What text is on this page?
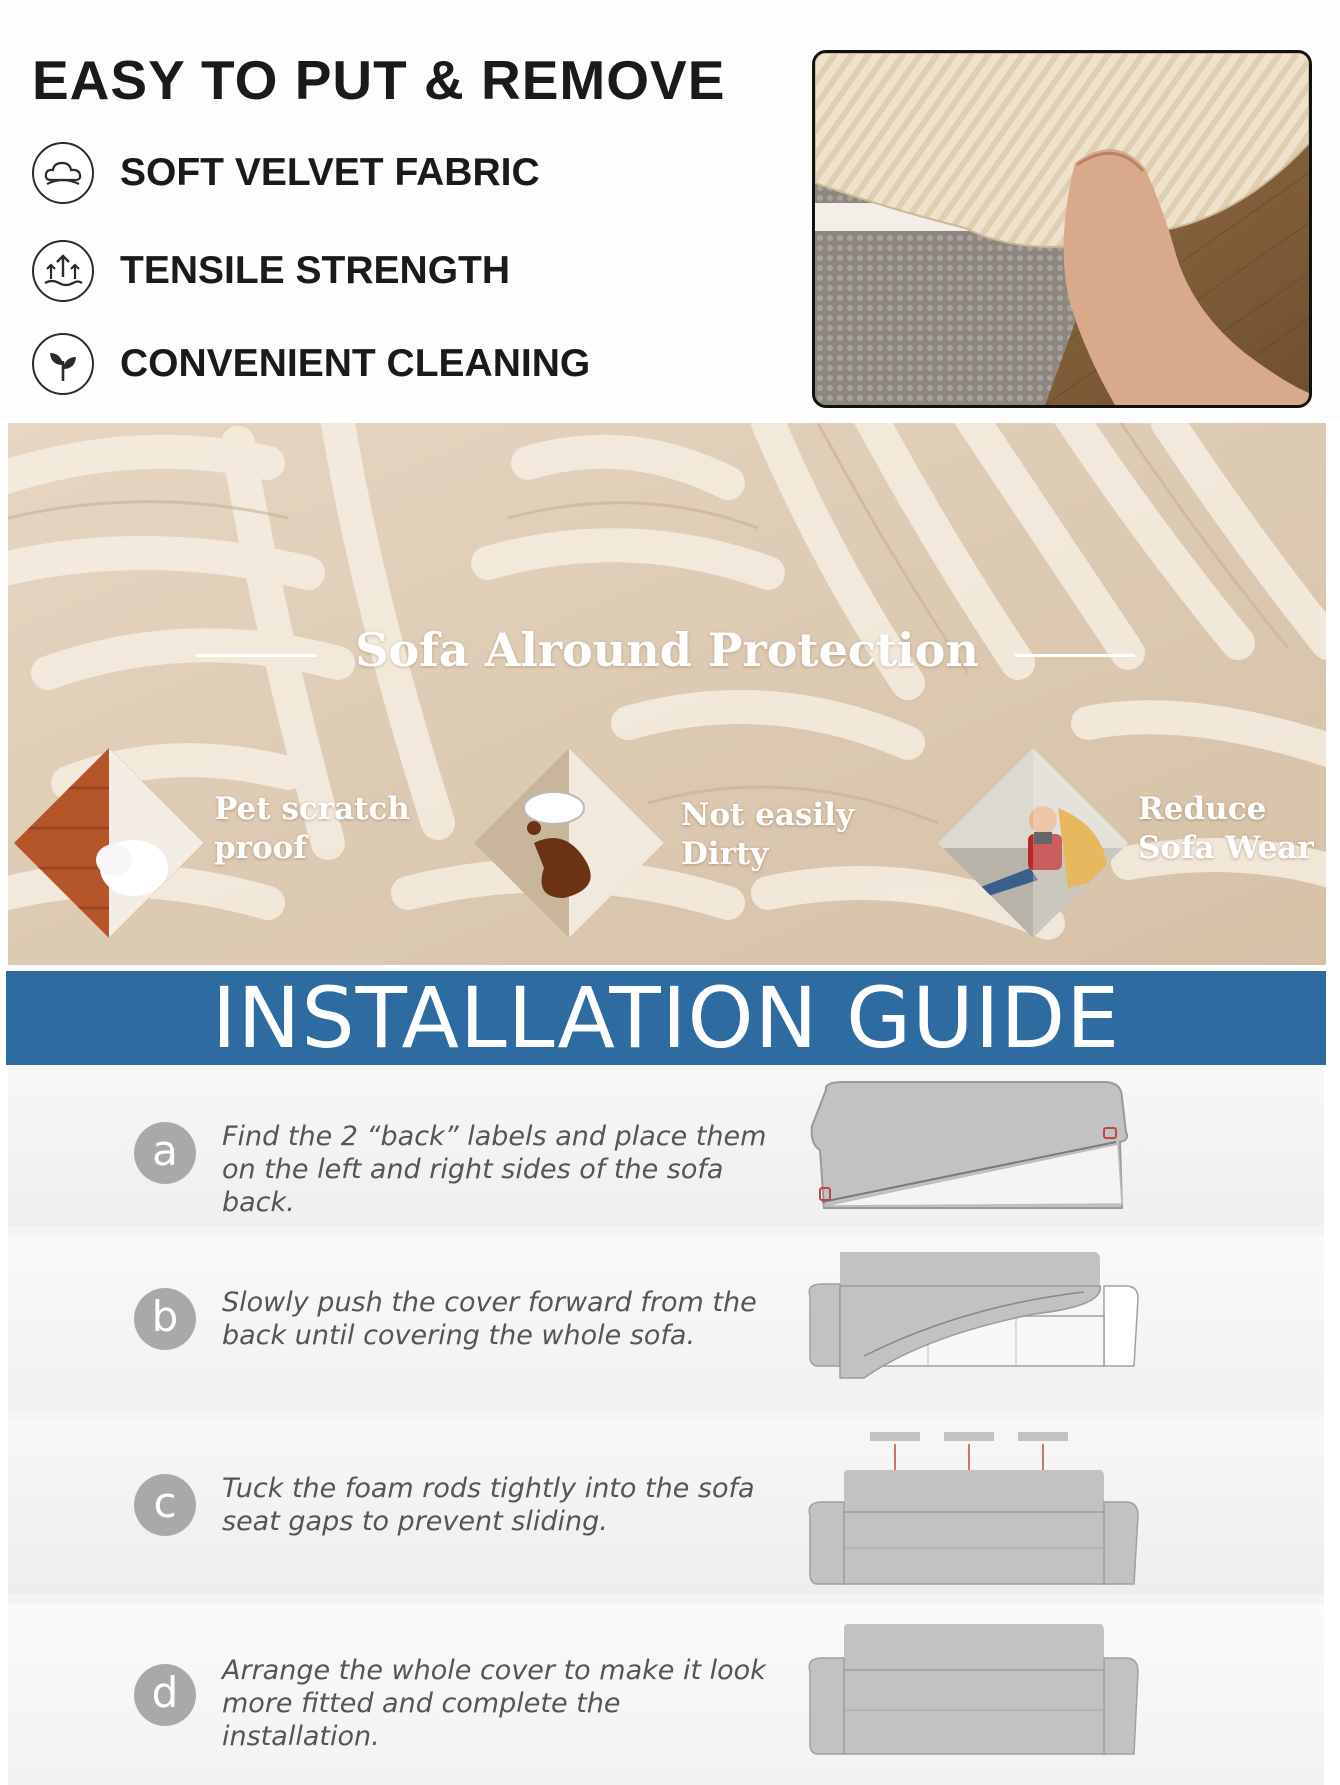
EASY TO PUT & REMOVE
SOFT VELVET FABRIC
TENSILE STRENGTH
CONVENIENT CLEANING
Sofa Alround Protection
Pet scratch proof
Not easily Dirty
Reduce Sofa Wear
INSTALLATION GUIDE
a	Find the 2 “back” labels and place them on the left and right sides of the sofa back.
b	Slowly push the cover forward from the back until covering the whole sofa.
c	Tuck the foam rods tightly into the sofa seat gaps to prevent sliding.
d	Arrange the whole cover to make it look more fitted and complete the installation.
